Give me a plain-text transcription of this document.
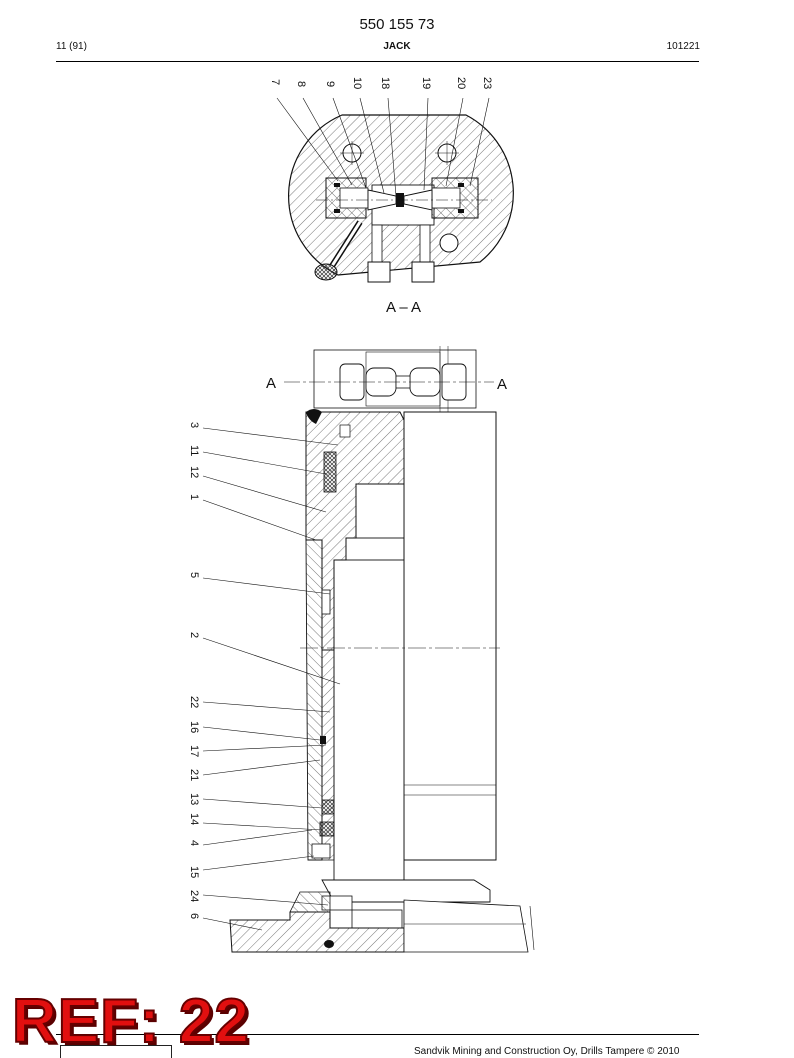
550 155 73
11 (91)	JACK	101221
7 8 9 10 18	19 20 23
A – A
A	A
3
11
12
1
5
2
22
16
17
21
13
14
4
15
24
6
Sandvik Mining and Construction Oy, Drills Tampere © 2010
REF: 22
